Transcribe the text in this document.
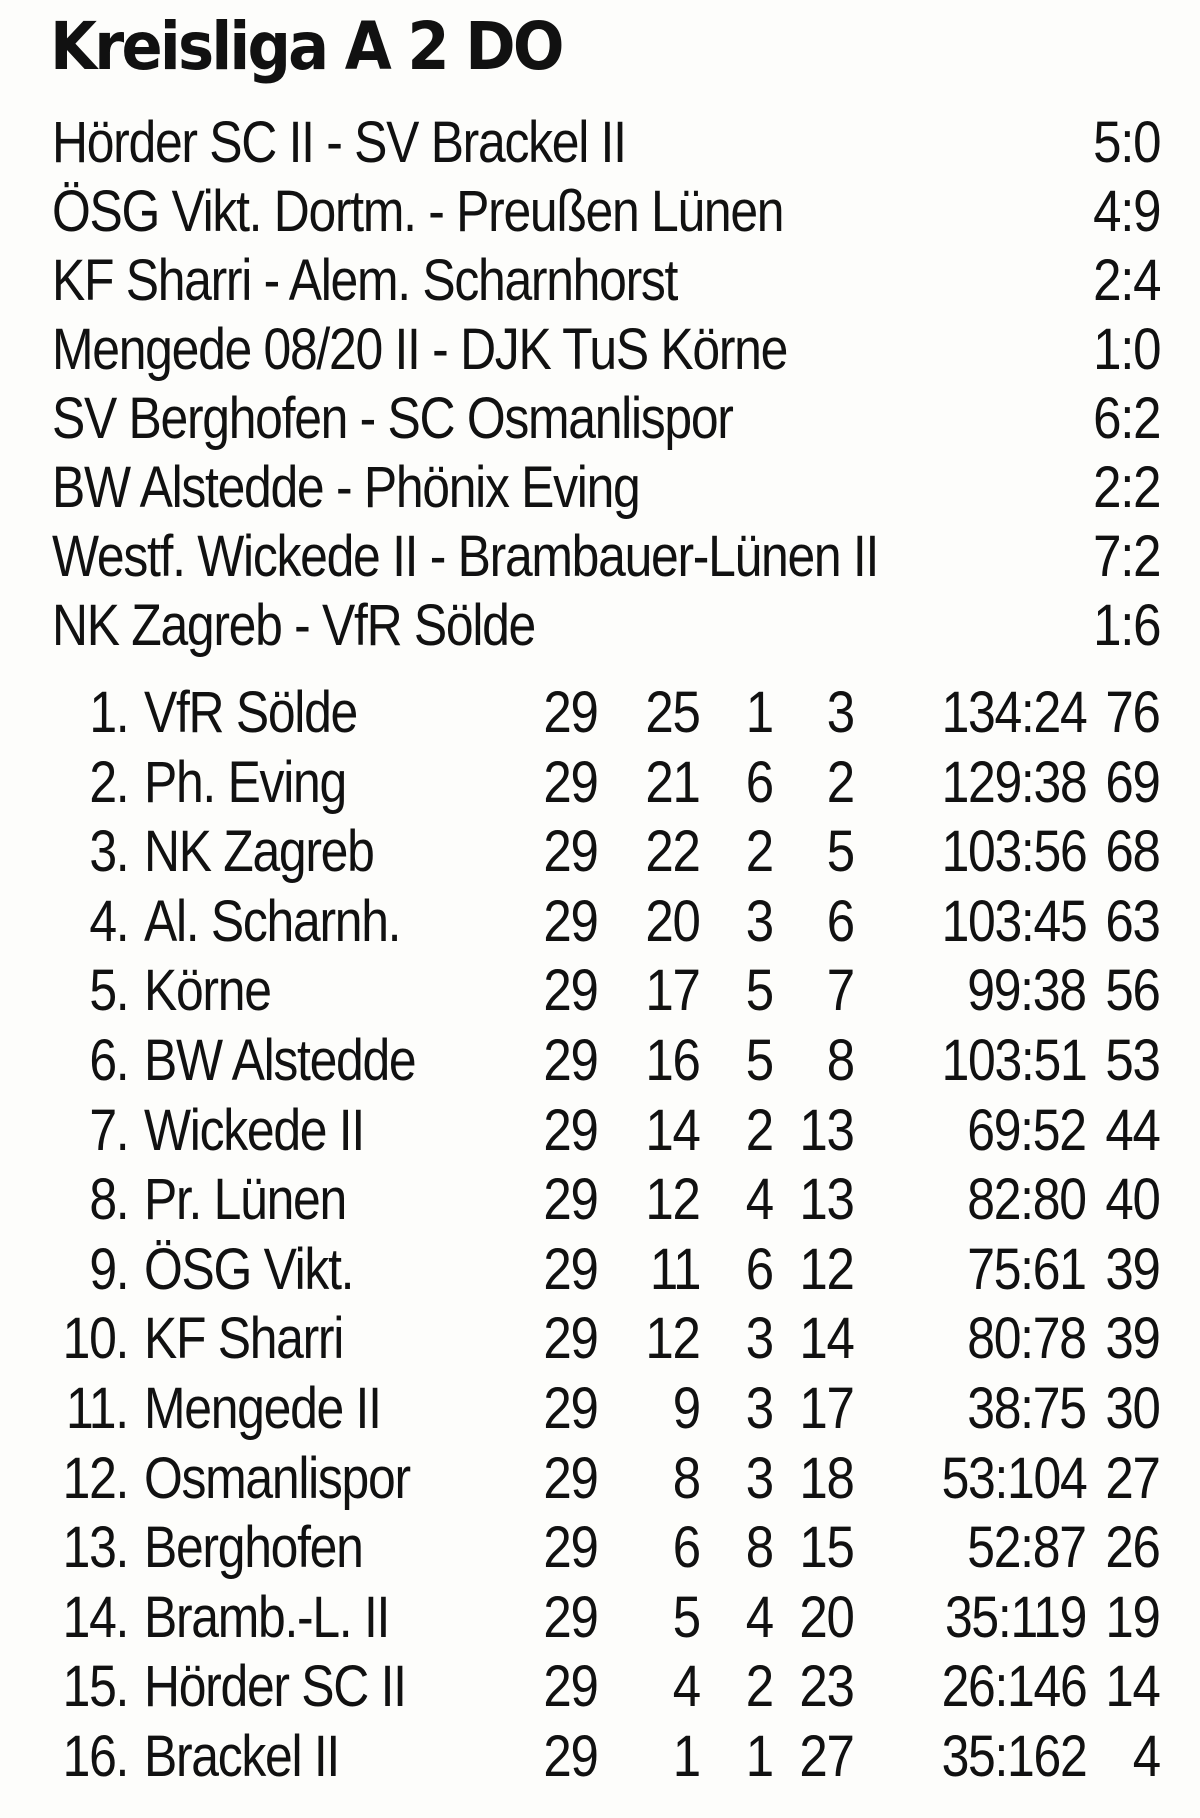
Kreisliga A 2 DO
Hörder SC II - SV Brackel II	5:0
ÖSG Vikt. Dortm. - Preußen Lünen	4:9
KF Sharri - Alem. Scharnhorst	2:4
Mengede 08/20 II - DJK TuS Körne	1:0
SV Berghofen - SC Osmanlispor	6:2
BW Alstedde - Phönix Eving	2:2
Westf. Wickede II - Brambauer-Lünen II	7:2
NK Zagreb - VfR Sölde	1:6
1. VfR Sölde	29 25 1 3 134:24 76
2. Ph. Eving	29 21 6 2 129:38 69
3. NK Zagreb	29 22 2 5 103:56 68
4. Al. Scharnh. 29 20 3 6 103:45 63
5. Körne	29 17 5 7 99:38 56
6. BW Alstedde 29 16 5 8 103:51 53
7. Wickede II	29 14 2 13 69:52 44
8. Pr. Lünen	29 12 4 13 82:80 40
9. ÖSG Vikt.	29 11 6 12 75:61 39
10. KF Sharri	29 12 3 14 80:78 39
11. Mengede II	29 9 3 17 38:75 30
12. Osmanlispor 29 8 3 18 53:104 27
13. Berghofen	29 6 8 15 52:87 26
14. Bramb.-L. II	29 5 4 20 35:119 19
15. Hörder SC II 29 4 2 23 26:146 14
16. Brackel II	29 1 1 27 35:162 4
